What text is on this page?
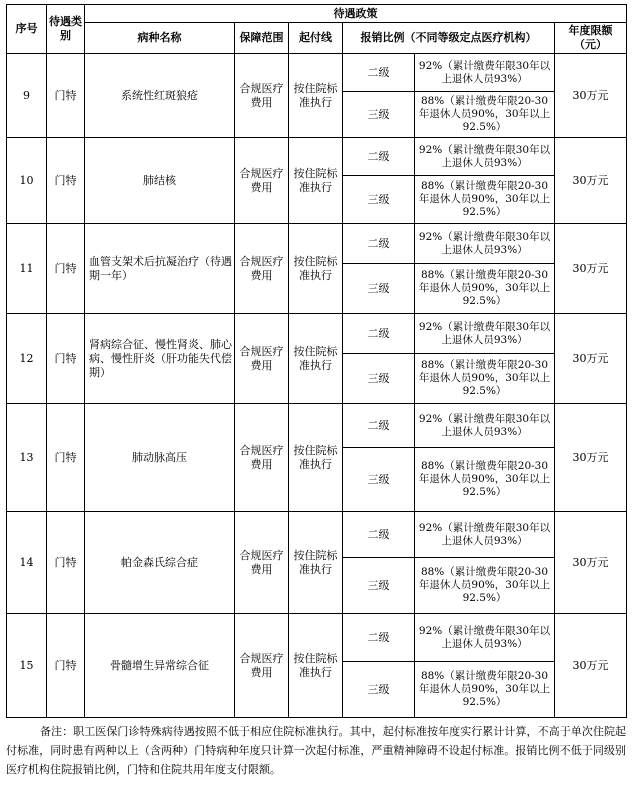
序号	待遇类别	待遇政策					
		病种名称	保障范围	起付线	报销比例（不同等级定点医疗机构）		年度限额（元）
9	门特	系统性红斑狼疮	合规医疗费用	按住院标准执行	二级	92%（累计缴费年限30年以上退休人员93%）	30万元
					三级	88%（累计缴费年限20-30年退休人员90%，30年以上92.5%）	
10	门特	肺结核	合规医疗费用	按住院标准执行	二级	92%（累计缴费年限30年以上退休人员93%）	30万元
					三级	88%（累计缴费年限20-30年退休人员90%，30年以上92.5%）	
11	门特	血管支架术后抗凝治疗（待遇期一年）	合规医疗费用	按住院标准执行	二级	92%（累计缴费年限30年以上退休人员93%）	30万元
					三级	88%（累计缴费年限20-30年退休人员90%，30年以上92.5%）	
12	门特	肾病综合征、慢性肾炎、肺心病、慢性肝炎（肝功能失代偿期）	合规医疗费用	按住院标准执行	二级	92%（累计缴费年限30年以上退休人员93%）	30万元
					三级	88%（累计缴费年限20-30年退休人员90%，30年以上92.5%）	
13	门特	肺动脉高压	合规医疗费用	按住院标准执行	二级	92%（累计缴费年限30年以上退休人员93%）	30万元
					三级	88%（累计缴费年限20-30年退休人员90%，30年以上92.5%）	
14	门特	帕金森氏综合症	合规医疗费用	按住院标准执行	二级	92%（累计缴费年限30年以上退休人员93%）	30万元
					三级	88%（累计缴费年限20-30年退休人员90%，30年以上92.5%）	
15	门特	骨髓增生异常综合征	合规医疗费用	按住院标准执行	二级	92%（累计缴费年限30年以上退休人员93%）	30万元
					三级	88%（累计缴费年限20-30年退休人员90%，30年以上92.5%）	
备注：职工医保门诊特殊病待遇按照不低于相应住院标准执行。其中，起付标准按年度实行累计计算，不高于单次住院起付标准，同时患有两种以上（含两种）门特病种年度只计算一次起付标准，严重精神障碍不设起付标准。报销比例不低于同级别医疗机构住院报销比例，门特和住院共用年度支付限额。
